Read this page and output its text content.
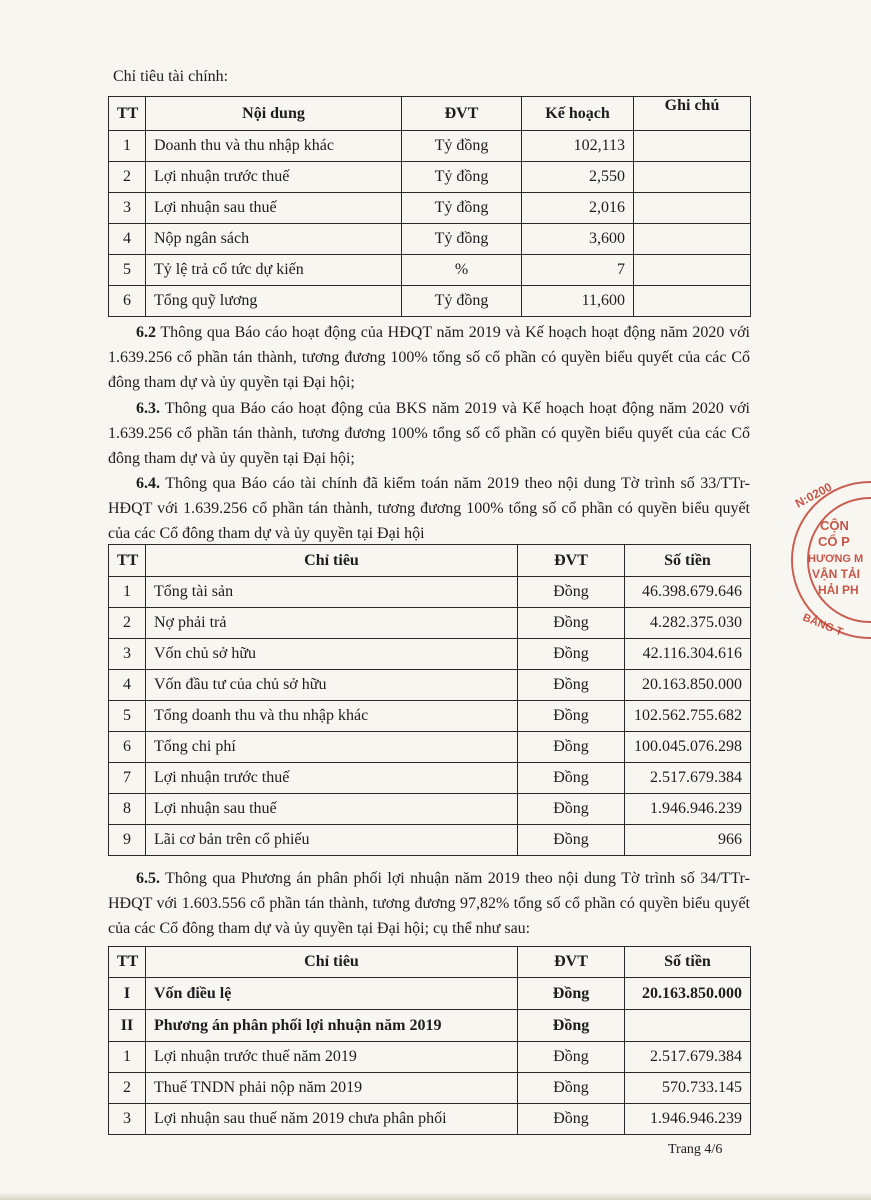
Chỉ tiêu tài chính:
TT	Nội dung	ĐVT	Kế hoạch	Ghi chú
1	Doanh thu và thu nhập khác	Tỷ đồng	102,113	
2	Lợi nhuận trước thuế	Tỷ đồng	2,550	
3	Lợi nhuận sau thuế	Tỷ đồng	2,016	
4	Nộp ngân sách	Tỷ đồng	3,600	
5	Tỷ lệ trả cổ tức dự kiến	%	7	
6	Tổng quỹ lương	Tỷ đồng	11,600	
6.2 Thông qua Báo cáo hoạt động của HĐQT năm 2019 và Kế hoạch hoạt động năm 2020 với 1.639.256 cổ phần tán thành, tương đương 100% tổng số cổ phần có quyền biểu quyết của các Cổ đông tham dự và ủy quyền tại Đại hội;
6.3. Thông qua Báo cáo hoạt động của BKS năm 2019 và Kế hoạch hoạt động năm 2020 với 1.639.256 cổ phần tán thành, tương đương 100% tổng số cổ phần có quyền biểu quyết của các Cổ đông tham dự và ủy quyền tại Đại hội;
6.4. Thông qua Báo cáo tài chính đã kiểm toán năm 2019 theo nội dung Tờ trình số 33/TTr-HĐQT với 1.639.256 cổ phần tán thành, tương đương 100% tổng số cổ phần có quyền biểu quyết của các Cổ đông tham dự và ủy quyền tại Đại hội
TT	Chỉ tiêu	ĐVT	Số tiền
1	Tổng tài sản	Đồng	46.398.679.646
2	Nợ phải trả	Đồng	4.282.375.030
3	Vốn chủ sở hữu	Đồng	42.116.304.616
4	Vốn đầu tư của chủ sở hữu	Đồng	20.163.850.000
5	Tổng doanh thu và thu nhập khác	Đồng	102.562.755.682
6	Tổng chi phí	Đồng	100.045.076.298
7	Lợi nhuận trước thuế	Đồng	2.517.679.384
8	Lợi nhuận sau thuế	Đồng	1.946.946.239
9	Lãi cơ bản trên cổ phiếu	Đồng	966
6.5. Thông qua Phương án phân phối lợi nhuận năm 2019 theo nội dung Tờ trình số 34/TTr-HĐQT với 1.603.556 cổ phần tán thành, tương đương 97,82% tổng số cổ phần có quyền biểu quyết của các Cổ đông tham dự và ủy quyền tại Đại hội; cụ thể như sau:
TT	Chỉ tiêu	ĐVT	Số tiền
I	Vốn điều lệ	Đồng	20.163.850.000
II	Phương án phân phối lợi nhuận năm 2019	Đồng	
1	Lợi nhuận trước thuế năm 2019	Đồng	2.517.679.384
2	Thuế TNDN phải nộp năm 2019	Đồng	570.733.145
3	Lợi nhuận sau thuế năm 2019 chưa phân phối	Đồng	1.946.946.239
N:0200
CỘN
CỔ P
HƯƠNG M
VẬN TẢI
HẢI PH
BẢNG T
Trang 4/6
